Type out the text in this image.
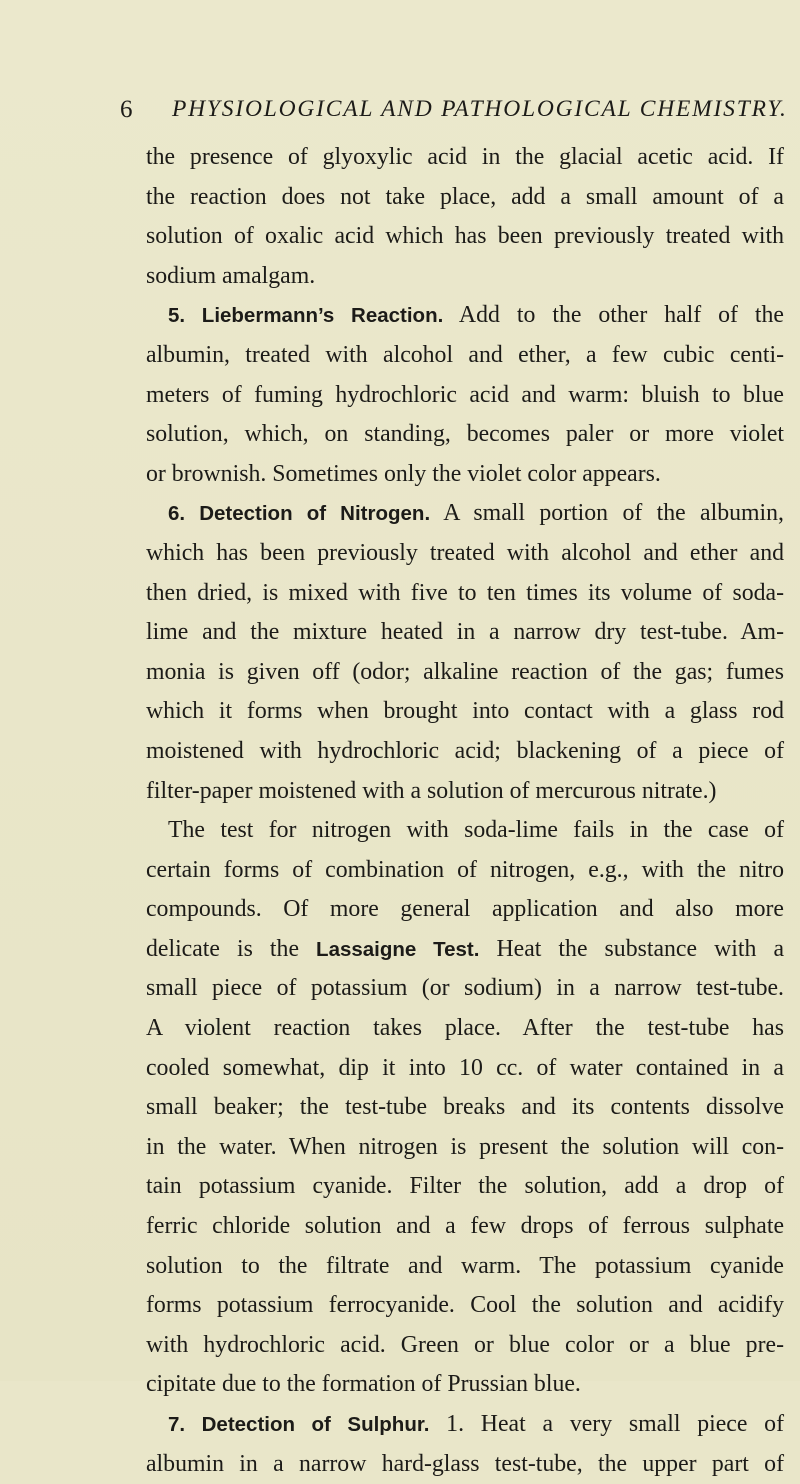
6 PHYSIOLOGICAL AND PATHOLOGICAL CHEMISTRY.
the presence of glyoxylic acid in the glacial acetic acid. If
the reaction does not take place, add a small amount of a
solution of oxalic acid which has been previously treated with
sodium amalgam.
5. Liebermann’s Reaction. Add to the other half of the
albumin, treated with alcohol and ether, a few cubic centi-
meters of fuming hydrochloric acid and warm: bluish to blue
solution, which, on standing, becomes paler or more violet
or brownish. Sometimes only the violet color appears.
6. Detection of Nitrogen. A small portion of the albumin,
which has been previously treated with alcohol and ether and
then dried, is mixed with five to ten times its volume of soda-
lime and the mixture heated in a narrow dry test-tube. Am-
monia is given off (odor; alkaline reaction of the gas; fumes
which it forms when brought into contact with a glass rod
moistened with hydrochloric acid; blackening of a piece of
filter-paper moistened with a solution of mercurous nitrate.)
The test for nitrogen with soda-lime fails in the case of
certain forms of combination of nitrogen, e.g., with the nitro
compounds. Of more general application and also more
delicate is the Lassaigne Test. Heat the substance with a
small piece of potassium (or sodium) in a narrow test-tube.
A violent reaction takes place. After the test-tube has
cooled somewhat, dip it into 10 cc. of water contained in a
small beaker; the test-tube breaks and its contents dissolve
in the water. When nitrogen is present the solution will con-
tain potassium cyanide. Filter the solution, add a drop of
ferric chloride solution and a few drops of ferrous sulphate
solution to the filtrate and warm. The potassium cyanide
forms potassium ferrocyanide. Cool the solution and acidify
with hydrochloric acid. Green or blue color or a blue pre-
cipitate due to the formation of Prussian blue.
7. Detection of Sulphur. 1. Heat a very small piece of
albumin in a narrow hard-glass test-tube, the upper part of
